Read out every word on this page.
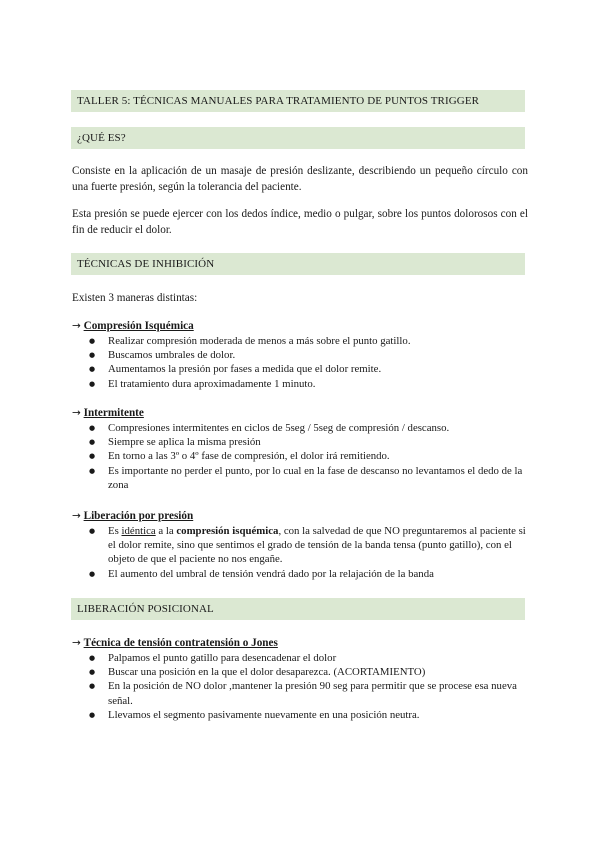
TALLER 5: TÉCNICAS MANUALES PARA TRATAMIENTO DE PUNTOS TRIGGER
¿QUÉ ES?

Consiste en la aplicación de un masaje de presión deslizante, describiendo un pequeño círculo con una fuerte presión, según la tolerancia del paciente.

Esta presión se puede ejercer con los dedos índice, medio o pulgar, sobre los puntos dolorosos con el fin de reducir el dolor.

TÉCNICAS DE INHIBICIÓN

Existen 3 maneras distintas:

→ Compresión Isquémica

● Realizar compresión moderada de menos a más sobre el punto gatillo.
● Buscamos umbrales de dolor.
● Aumentamos la presión por fases a medida que el dolor remite.
● El tratamiento dura aproximadamente 1 minuto.

→ Intermitente

● Compresiones intermitentes en ciclos de 5seg / 5seg de compresión / descanso.
● Siempre se aplica la misma presión
● En torno a las 3º o 4º fase de compresión, el dolor irá remitiendo.
● Es importante no perder el punto, por lo cual en la fase de descanso no levantamos el dedo de la zona

→ Liberación por presión

● Es idéntica a la compresión isquémica, con la salvedad de que NO preguntaremos al paciente si el dolor remite, sino que sentimos el grado de tensión de la banda tensa (punto gatillo), con el objeto de que el paciente no nos engañe.
● El aumento del umbral de tensión vendrá dado por la relajación de la banda
LIBERACIÓN POSICIONAL

→ Técnica de tensión contratensión o Jones

● Palpamos el punto gatillo para desencadenar el dolor
● Buscar una posición en la que el dolor desaparezca. (ACORTAMIENTO)
● En la posición de NO dolor ,mantener la presión 90 seg para permitir que se procese esa nueva señal.
● Llevamos el segmento pasivamente nuevamente en una posición neutra.
